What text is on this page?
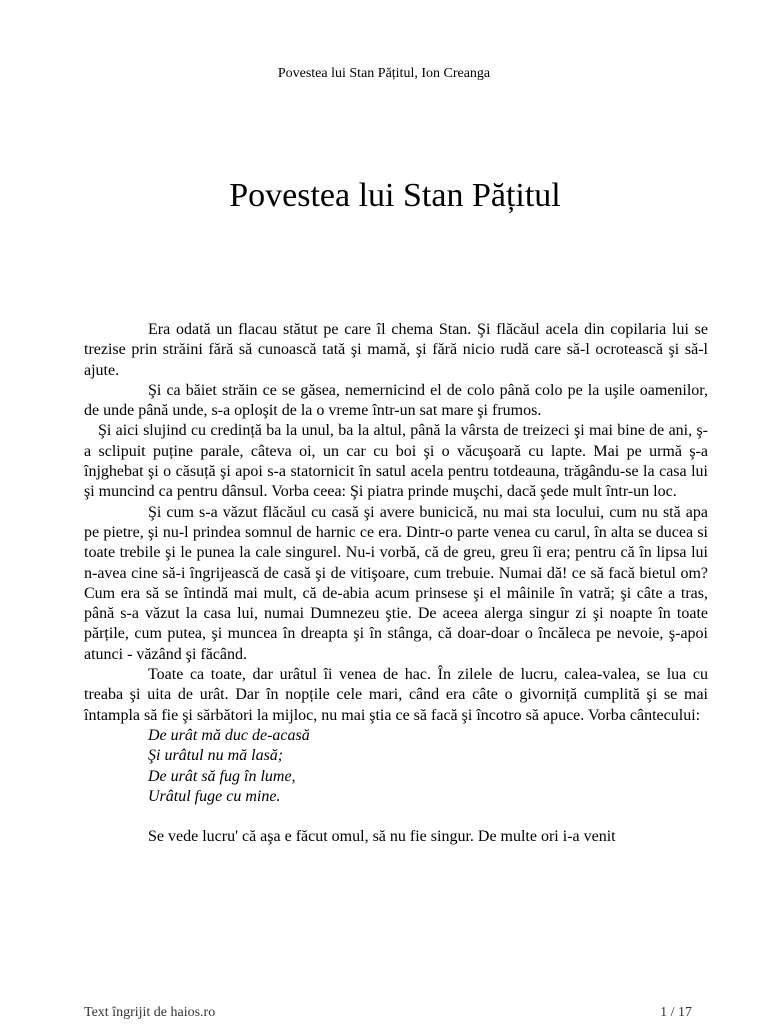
Povestea lui Stan Pățitul, Ion Creanga
Povestea lui Stan Pățitul

Era odată un flacau stătut pe care îl chema Stan. Şi flăcăul acela din copilaria lui se trezise prin străini fără să cunoască tată şi mamă, şi fără nicio rudă care să-l ocrotească şi să-l ajute.

Şi ca băiet străin ce se găsea, nemernicind el de colo până colo pe la uşile oamenilor, de unde până unde, s-a oploşit de la o vreme într-un sat mare şi frumos.

Şi aici slujind cu credință ba la unul, ba la altul, până la vârsta de treizeci şi mai bine de ani, ş-a sclipuit puține parale, câteva oi, un car cu boi şi o văcuşoară cu lapte. Mai pe urmă ş-a înjghebat şi o căsuță şi apoi s-a statornicit în satul acela pentru totdeauna, trăgându-se la casa lui şi muncind ca pentru dânsul. Vorba ceea: Şi piatra prinde muşchi, dacă şede mult într-un loc.

Şi cum s-a văzut flăcăul cu casă şi avere bunicică, nu mai sta locului, cum nu stă apa pe pietre, şi nu-l prindea somnul de harnic ce era. Dintr-o parte venea cu carul, în alta se ducea si toate trebile şi le punea la cale singurel. Nu-i vorbă, că de greu, greu îi era; pentru că în lipsa lui n-avea cine să-i îngrijească de casă şi de vitişoare, cum trebuie. Numai dă! ce să facă bietul om? Cum era să se întindă mai mult, că de-abia acum prinsese şi el mâinile în vatră; şi câte a tras, până s-a văzut la casa lui, numai Dumnezeu ştie. De aceea alerga singur zi şi noapte în toate părțile, cum putea, şi muncea în dreapta şi în stânga, că doar-doar o încăleca pe nevoie, ş-apoi atunci - văzând şi făcând.

Toate ca toate, dar urâtul îi venea de hac. În zilele de lucru, calea-valea, se lua cu treaba şi uita de urât. Dar în nopțile cele mari, când era câte o givorniță cumplită şi se mai întampla să fie şi sărbători la mijloc, nu mai ştia ce să facă şi încotro să apuce. Vorba cântecului:

De urât mă duc de-acasă
Şi urâtul nu mă lasă;
De urât să fug în lume,
Urâtul fuge cu mine.

Se vede lucru' că aşa e făcut omul, să nu fie singur. De multe ori i-a venit

Text îngrijit de haios.ro	1 / 17
